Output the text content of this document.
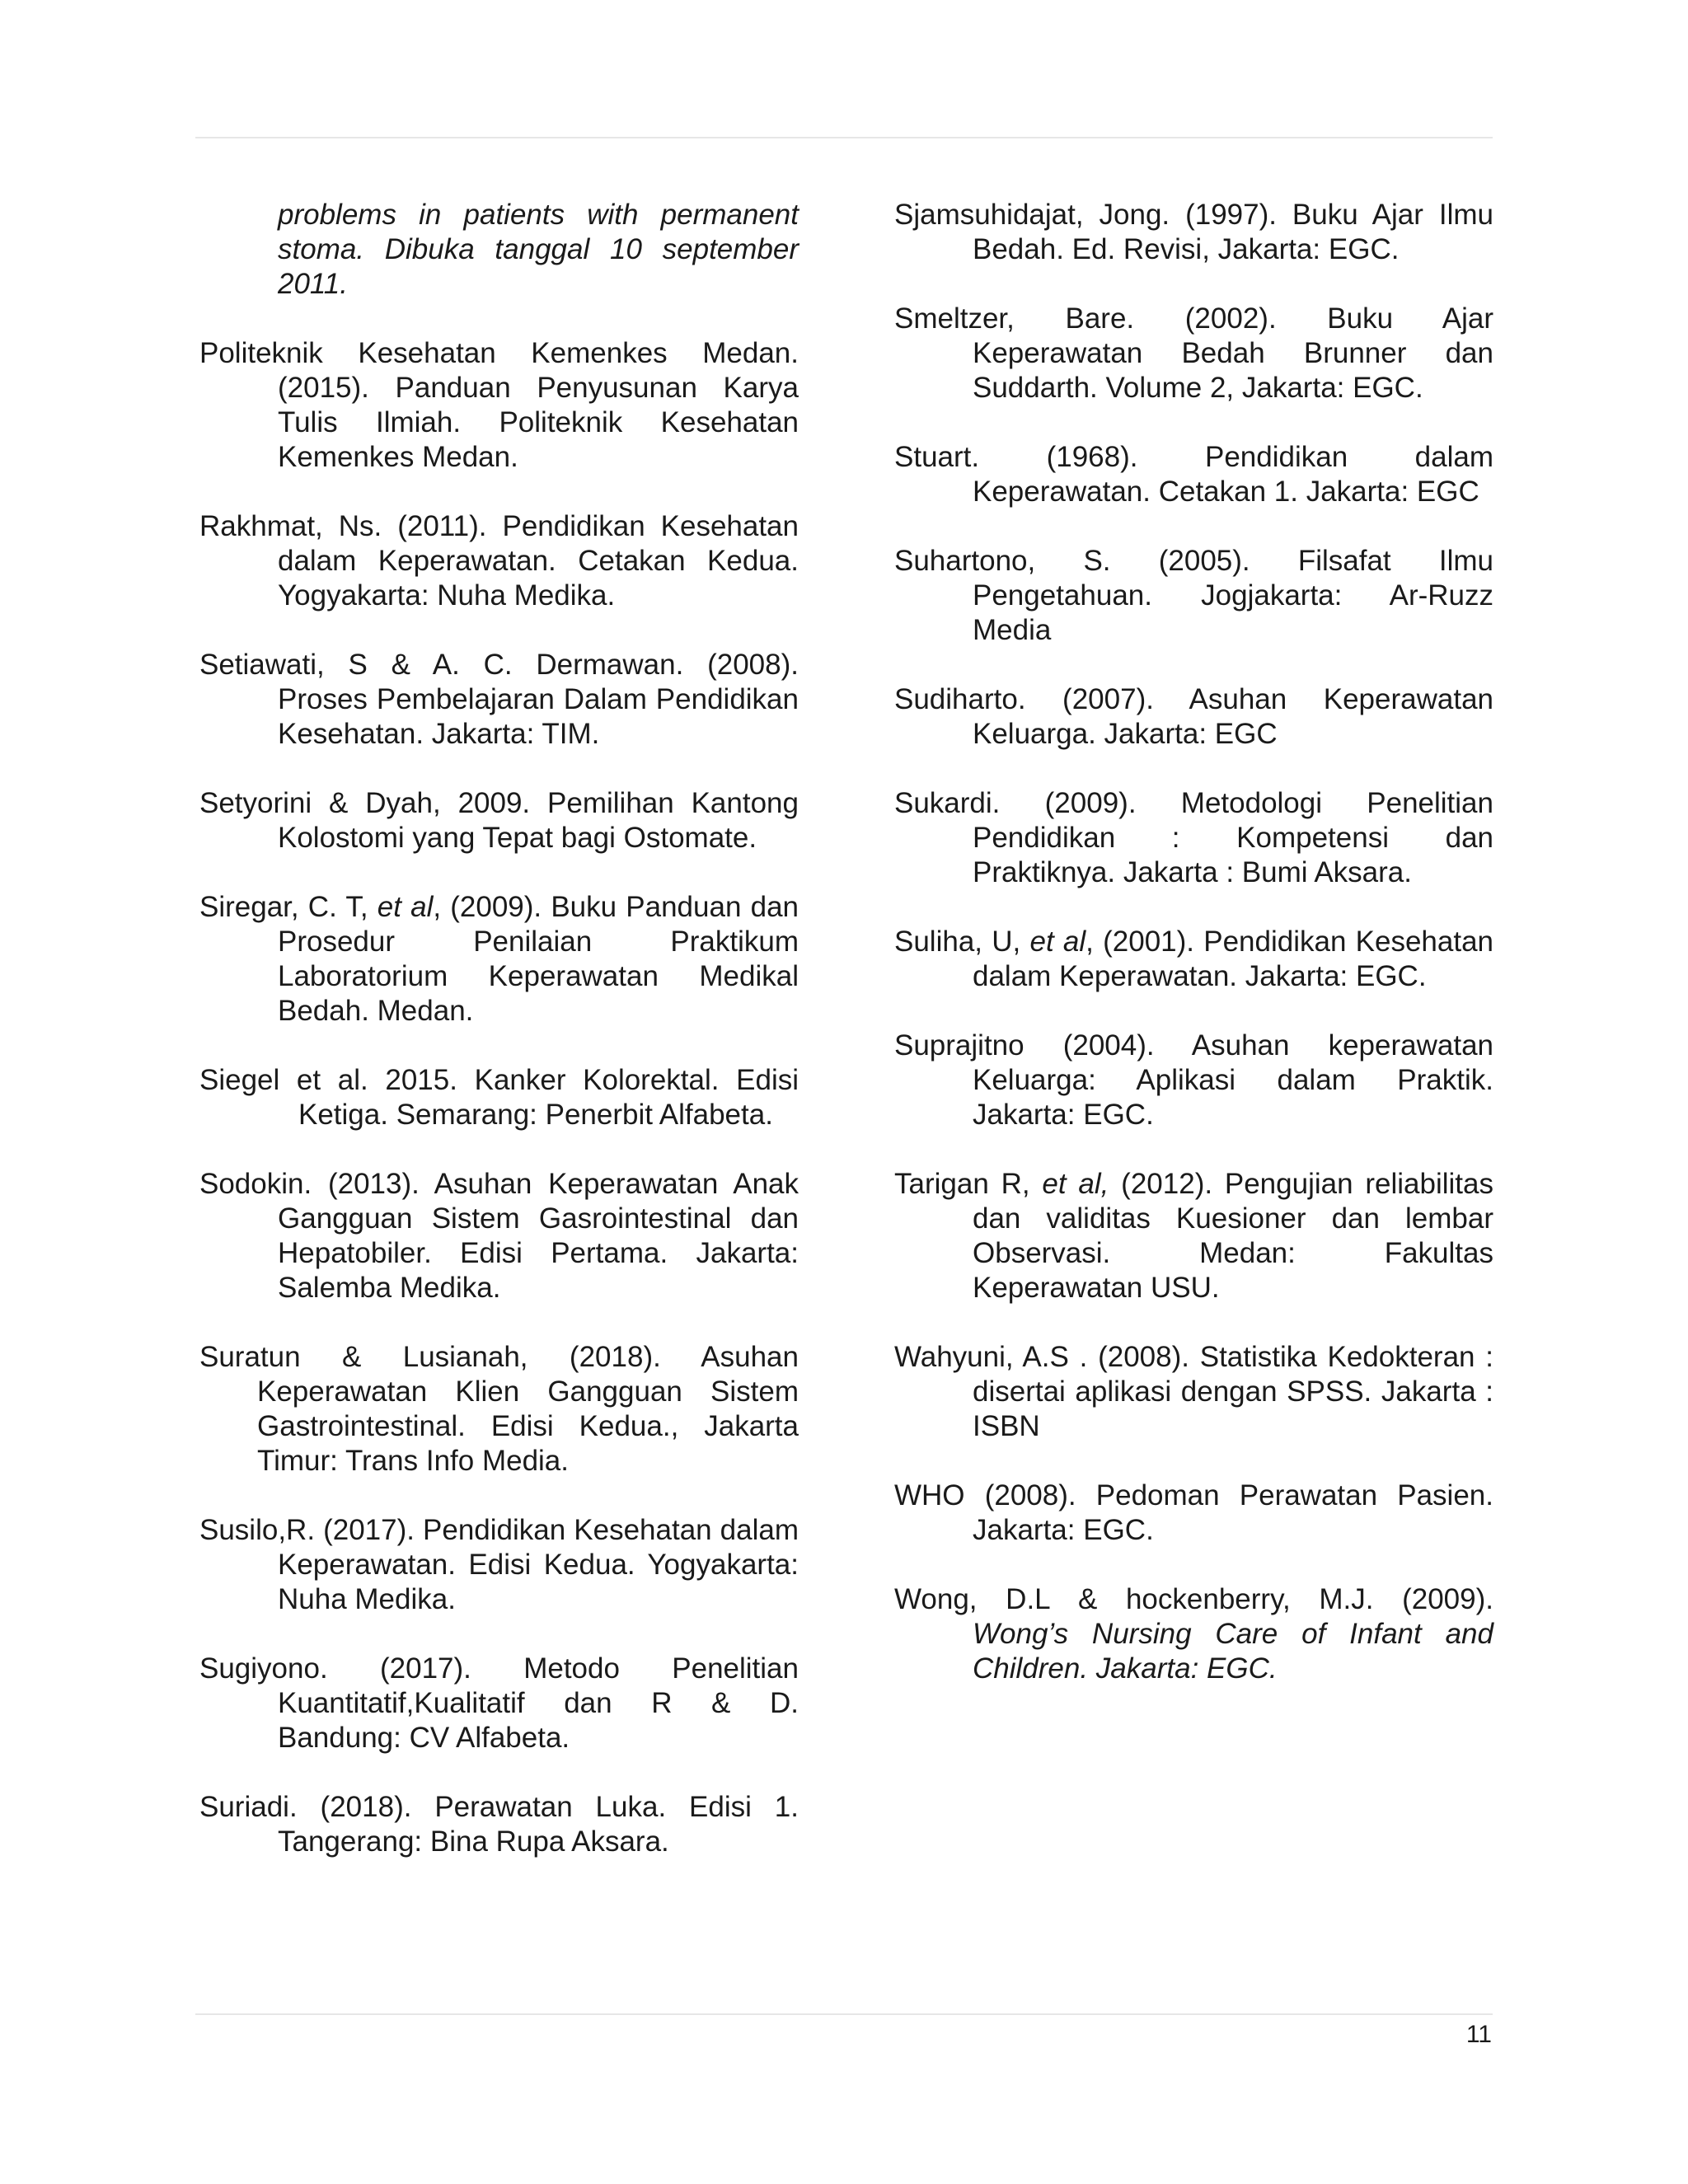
problems in patients with permanent stoma. Dibuka tanggal 10 september 2011.

Politeknik Kesehatan Kemenkes Medan. (2015). Panduan Penyusunan Karya Tulis Ilmiah. Politeknik Kesehatan Kemenkes Medan.

Rakhmat, Ns. (2011). Pendidikan Kesehatan dalam Keperawatan. Cetakan Kedua. Yogyakarta: Nuha Medika.

Setiawati, S & A. C. Dermawan. (2008). Proses Pembelajaran Dalam Pendidikan Kesehatan. Jakarta: TIM.

Setyorini & Dyah, 2009. Pemilihan Kantong Kolostomi yang Tepat bagi Ostomate.

Siregar, C. T, et al, (2009). Buku Panduan dan Prosedur Penilaian Praktikum Laboratorium Keperawatan Medikal Bedah. Medan.

Siegel et al. 2015. Kanker Kolorektal. Edisi Ketiga. Semarang: Penerbit Alfabeta.

Sodokin. (2013). Asuhan Keperawatan Anak Gangguan Sistem Gasrointestinal dan Hepatobiler. Edisi Pertama. Jakarta: Salemba Medika.

Suratun & Lusianah, (2018). Asuhan Keperawatan Klien Gangguan Sistem Gastrointestinal. Edisi Kedua., Jakarta Timur: Trans Info Media.

Susilo,R. (2017). Pendidikan Kesehatan dalam Keperawatan. Edisi Kedua. Yogyakarta: Nuha Medika.

Sugiyono. (2017). Metodo Penelitian Kuantitatif,Kualitatif dan R & D. Bandung: CV Alfabeta.

Suriadi. (2018). Perawatan Luka. Edisi 1. Tangerang: Bina Rupa Aksara.

Sjamsuhidajat, Jong. (1997). Buku Ajar Ilmu Bedah. Ed. Revisi, Jakarta: EGC.

Smeltzer, Bare. (2002). Buku Ajar Keperawatan Bedah Brunner dan Suddarth. Volume 2, Jakarta: EGC.

Stuart. (1968). Pendidikan dalam Keperawatan. Cetakan 1. Jakarta: EGC

Suhartono, S. (2005). Filsafat Ilmu Pengetahuan. Jogjakarta: Ar-Ruzz Media

Sudiharto. (2007). Asuhan Keperawatan Keluarga. Jakarta: EGC

Sukardi. (2009). Metodologi Penelitian Pendidikan : Kompetensi dan Praktiknya. Jakarta : Bumi Aksara.

Suliha, U, et al, (2001). Pendidikan Kesehatan dalam Keperawatan. Jakarta: EGC.

Suprajitno (2004). Asuhan keperawatan Keluarga: Aplikasi dalam Praktik. Jakarta: EGC.

Tarigan R, et al, (2012). Pengujian reliabilitas dan validitas Kuesioner dan lembar Observasi. Medan: Fakultas Keperawatan USU.

Wahyuni, A.S . (2008). Statistika Kedokteran : disertai aplikasi dengan SPSS. Jakarta : ISBN

WHO (2008). Pedoman Perawatan Pasien. Jakarta: EGC.

Wong, D.L & hockenberry, M.J. (2009). Wong’s Nursing Care of Infant and Children. Jakarta: EGC.

11
